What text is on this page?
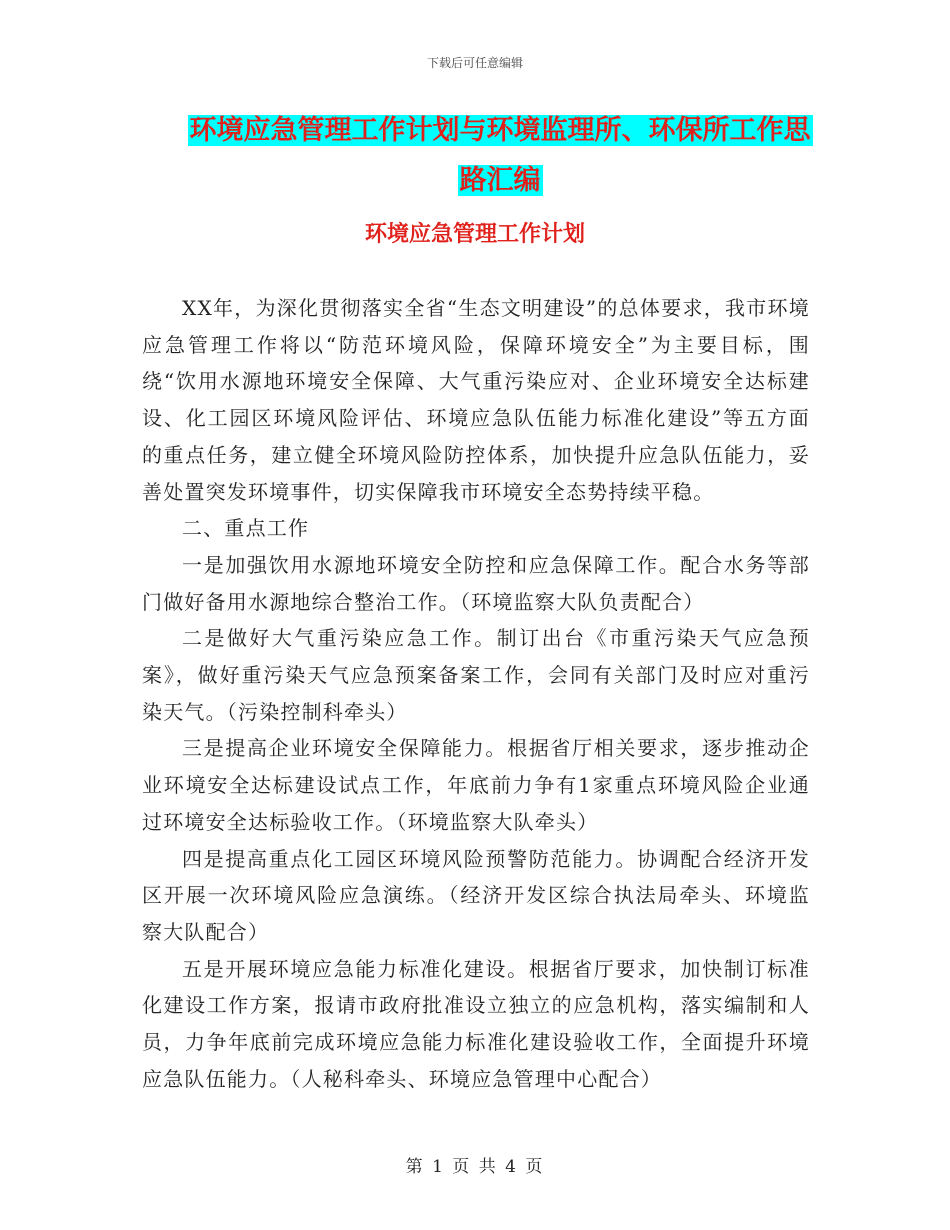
下载后可任意编辑
环境应急管理工作计划与环境监理所、环保所工作思
路汇编
环境应急管理工作计划

XX年，为深化贯彻落实全省“生态文明建设”的总体要求，我市环境应急管理工作将以“防范环境风险，保障环境安全”为主要目标，围绕“饮用水源地环境安全保障、大气重污染应对、企业环境安全达标建设、化工园区环境风险评估、环境应急队伍能力标准化建设”等五方面的重点任务，建立健全环境风险防控体系，加快提升应急队伍能力，妥善处置突发环境事件，切实保障我市环境安全态势持续平稳。

二、重点工作

一是加强饮用水源地环境安全防控和应急保障工作。配合水务等部门做好备用水源地综合整治工作。（环境监察大队负责配合）

二是做好大气重污染应急工作。制订出台《市重污染天气应急预案》，做好重污染天气应急预案备案工作，会同有关部门及时应对重污染天气。（污染控制科牵头）

三是提高企业环境安全保障能力。根据省厅相关要求，逐步推动企业环境安全达标建设试点工作，年底前力争有1家重点环境风险企业通过环境安全达标验收工作。（环境监察大队牵头）

四是提高重点化工园区环境风险预警防范能力。协调配合经济开发区开展一次环境风险应急演练。（经济开发区综合执法局牵头、环境监察大队配合）

五是开展环境应急能力标准化建设。根据省厅要求，加快制订标准化建设工作方案，报请市政府批准设立独立的应急机构，落实编制和人员，力争年底前完成环境应急能力标准化建设验收工作，全面提升环境应急队伍能力。（人秘科牵头、环境应急管理中心配合）

第 1 页 共 4 页
